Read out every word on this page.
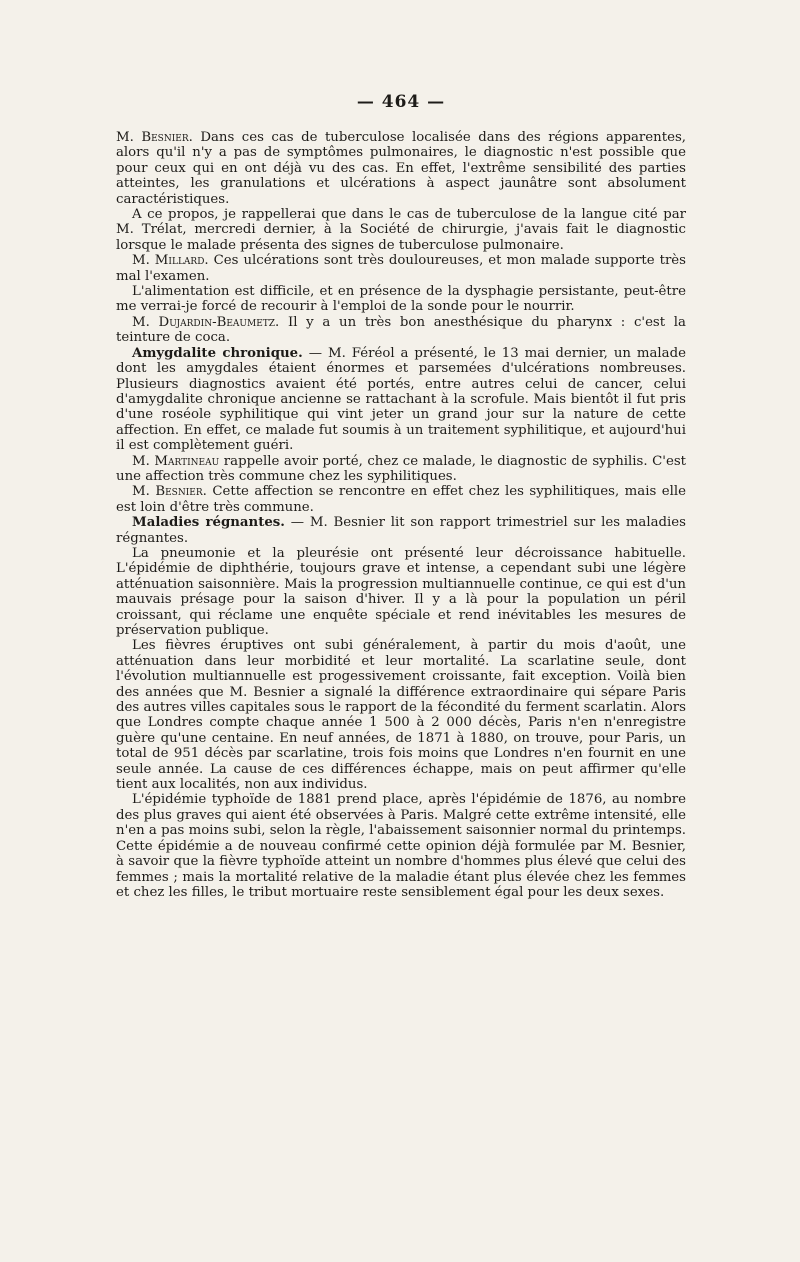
— 464 —

M. Besnier. Dans ces cas de tuberculose localisée dans des régions apparentes, alors qu'il n'y a pas de symptômes pulmonaires, le diagnostic n'est possible que pour ceux qui en ont déjà vu des cas. En effet, l'extrême sensibilité des parties atteintes, les granulations et ulcérations à aspect jaunâtre sont absolument caractéristiques.

A ce propos, je rappellerai que dans le cas de tuberculose de la langue cité par M. Trélat, mercredi dernier, à la Société de chirurgie, j'avais fait le diagnostic lorsque le malade présenta des signes de tuberculose pulmonaire.

M. Millard. Ces ulcérations sont très douloureuses, et mon malade supporte très mal l'examen.

L'alimentation est difficile, et en présence de la dysphagie persistante, peut-être me verrai-je forcé de recourir à l'emploi de la sonde pour le nourrir.

M. Dujardin-Beaumetz. Il y a un très bon anesthésique du pharynx : c'est la teinture de coca.

Amygdalite chronique. — M. Féréol a présenté, le 13 mai dernier, un malade dont les amygdales étaient énormes et parsemées d'ulcérations nombreuses. Plusieurs diagnostics avaient été portés, entre autres celui de cancer, celui d'amygdalite chronique ancienne se rattachant à la scrofule. Mais bientôt il fut pris d'une roséole syphilitique qui vint jeter un grand jour sur la nature de cette affection. En effet, ce malade fut soumis à un traitement syphilitique, et aujourd'hui il est complètement guéri.

M. Martineau rappelle avoir porté, chez ce malade, le diagnostic de syphilis. C'est une affection très commune chez les syphilitiques.

M. Besnier. Cette affection se rencontre en effet chez les syphilitiques, mais elle est loin d'être très commune.

Maladies régnantes. — M. Besnier lit son rapport trimestriel sur les maladies régnantes.

La pneumonie et la pleurésie ont présenté leur décroissance habituelle. L'épidémie de diphthérie, toujours grave et intense, a cependant subi une légère atténuation saisonnière. Mais la progression multiannuelle continue, ce qui est d'un mauvais présage pour la saison d'hiver. Il y a là pour la population un péril croissant, qui réclame une enquête spéciale et rend inévitables les mesures de préservation publique.

Les fièvres éruptives ont subi généralement, à partir du mois d'août, une atténuation dans leur morbidité et leur mortalité. La scarlatine seule, dont l'évolution multiannuelle est progessivement croissante, fait exception. Voilà bien des années que M. Besnier a signalé la différence extraordinaire qui sépare Paris des autres villes capitales sous le rapport de la fécondité du ferment scarlatin. Alors que Londres compte chaque année 1 500 à 2 000 décès, Paris n'en n'enregistre guère qu'une centaine. En neuf années, de 1871 à 1880, on trouve, pour Paris, un total de 951 décès par scarlatine, trois fois moins que Londres n'en fournit en une seule année. La cause de ces différences échappe, mais on peut affirmer qu'elle tient aux localités, non aux individus.

L'épidémie typhoïde de 1881 prend place, après l'épidémie de 1876, au nombre des plus graves qui aient été observées à Paris. Malgré cette extrême intensité, elle n'en a pas moins subi, selon la règle, l'abaissement saisonnier normal du printemps. Cette épidémie a de nouveau confirmé cette opinion déjà formulée par M. Besnier, à savoir que la fièvre typhoïde atteint un nombre d'hommes plus élevé que celui des femmes ; mais la mortalité relative de la maladie étant plus élevée chez les femmes et chez les filles, le tribut mortuaire reste sensiblement égal pour les deux sexes.
